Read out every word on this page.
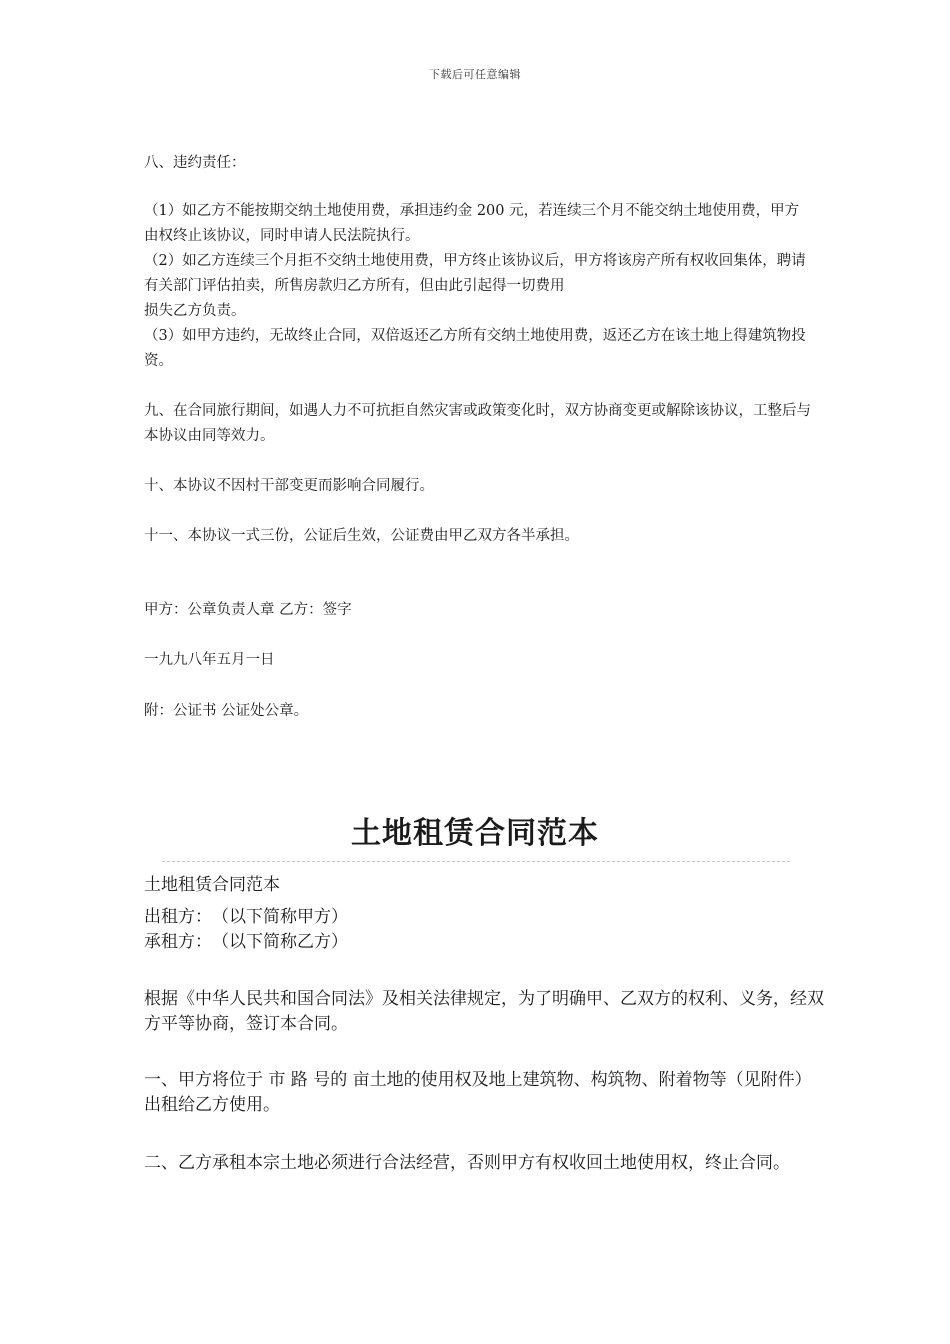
下载后可任意编辑

八、违约责任：

（1）如乙方不能按期交纳土地使用费，承担违约金 200 元，若连续三个月不能交纳土地使用费，甲方由权终止该协议，同时申请人民法院执行。

（2）如乙方连续三个月拒不交纳土地使用费，甲方终止该协议后，甲方将该房产所有权收回集体，聘请有关部门评估拍卖，所售房款归乙方所有，但由此引起得一切费用

损失乙方负责。

（3）如甲方违约，无故终止合同，双倍返还乙方所有交纳土地使用费，返还乙方在该土地上得建筑物投资。

九、在合同旅行期间，如遇人力不可抗拒自然灾害或政策变化时，双方协商变更或解除该协议，工整后与本协议由同等效力。

十、本协议不因村干部变更而影响合同履行。

十一、本协议一式三份，公证后生效，公证费由甲乙双方各半承担。

甲方：公章负责人章 乙方：签字

一九九八年五月一日

附：公证书 公证处公章。

土地租赁合同范本

土地租赁合同范本

出租方：　（以下简称甲方）

承租方：　（以下简称乙方）

根据《中华人民共和国合同法》及相关法律规定，为了明确甲、乙双方的权利、义务，经双方平等协商，签订本合同。

一、甲方将位于 市 路 号的 亩土地的使用权及地上建筑物、构筑物、附着物等（见附件）出租给乙方使用。

二、乙方承租本宗土地必须进行合法经营，否则甲方有权收回土地使用权，终止合同。
